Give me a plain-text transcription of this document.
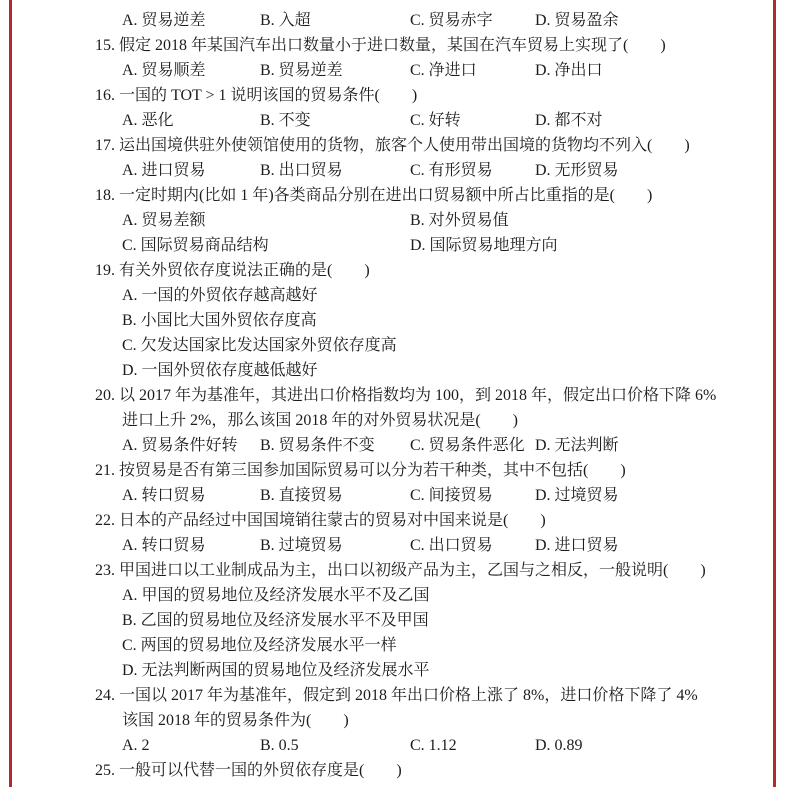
A. 贸易逆差	B. 入超	C. 贸易赤字	D. 贸易盈余
15. 假定 2018 年某国汽车出口数量小于进口数量，某国在汽车贸易上实现了(        )
A. 贸易顺差	B. 贸易逆差	C. 净进口	D. 净出口
16. 一国的 TOT > 1 说明该国的贸易条件(        )
A. 恶化	B. 不变	C. 好转	D. 都不对
17. 运出国境供驻外使领馆使用的货物，旅客个人使用带出国境的货物均不列入(        )
A. 进口贸易	B. 出口贸易	C. 有形贸易	D. 无形贸易
18. 一定时期内(比如 1 年)各类商品分别在进出口贸易额中所占比重指的是(        )
A. 贸易差额	B. 对外贸易值
C. 国际贸易商品结构	D. 国际贸易地理方向
19. 有关外贸依存度说法正确的是(        )
A. 一国的外贸依存越高越好
B. 小国比大国外贸依存度高
C. 欠发达国家比发达国家外贸依存度高
D. 一国外贸依存度越低越好
20. 以 2017 年为基准年，其进出口价格指数均为 100，到 2018 年，假定出口价格下降 6%
进口上升 2%，那么该国 2018 年的对外贸易状况是(        )
A. 贸易条件好转	B. 贸易条件不变	C. 贸易条件恶化 D. 无法判断
21. 按贸易是否有第三国参加国际贸易可以分为若干种类，其中不包括(        )
A. 转口贸易	B. 直接贸易	C. 间接贸易	D. 过境贸易
22. 日本的产品经过中国国境销往蒙古的贸易对中国来说是(        )
A. 转口贸易	B. 过境贸易	C. 出口贸易	D. 进口贸易
23. 甲国进口以工业制成品为主，出口以初级产品为主，乙国与之相反，一般说明(        )
A. 甲国的贸易地位及经济发展水平不及乙国
B. 乙国的贸易地位及经济发展水平不及甲国
C. 两国的贸易地位及经济发展水平一样
D. 无法判断两国的贸易地位及经济发展水平
24. 一国以 2017 年为基准年，假定到 2018 年出口价格上涨了 8%，进口价格下降了 4%
该国 2018 年的贸易条件为(        )
A. 2	B. 0.5	C. 1.12	D. 0.89
25. 一般可以代替一国的外贸依存度是(        )
